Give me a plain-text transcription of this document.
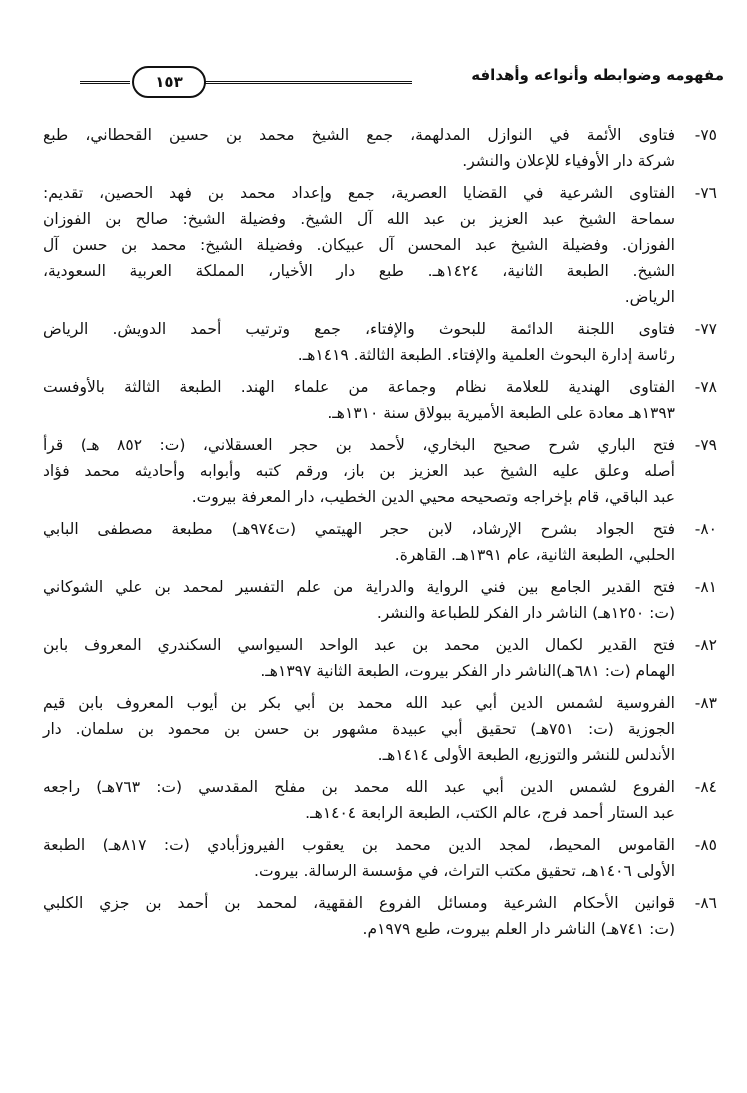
مفهومه وضوابطه وأنواعه وأهدافه
١٥٣
٧٥-
فتاوى الأئمة في النوازل المدلهمة، جمع الشيخ محمد بن حسين القحطاني، طبع
شركة دار الأوفياء للإعلان والنشر.
٧٦-
الفتاوى الشرعية في القضايا العصرية، جمع وإعداد محمد بن فهد الحصين، تقديم:
سماحة الشيخ عبد العزيز بن عبد الله آل الشيخ. وفضيلة الشيخ: صالح بن الفوزان
الفوزان. وفضيلة الشيخ عبد المحسن آل عبيكان. وفضيلة الشيخ: محمد بن حسن آل
الشيخ. الطبعة الثانية، ١٤٢٤هـ. طبع دار الأخيار، المملكة العربية السعودية،
الرياض.
٧٧-
فتاوى اللجنة الدائمة للبحوث والإفتاء، جمع وترتيب أحمد الدويش. الرياض
رئاسة إدارة البحوث العلمية والإفتاء. الطبعة الثالثة. ١٤١٩هـ.
٧٨-
الفتاوى الهندية للعلامة نظام وجماعة من علماء الهند. الطبعة الثالثة بالأوفست
١٣٩٣هـ معادة على الطبعة الأميرية ببولاق سنة ١٣١٠هـ.
٧٩-
فتح الباري شرح صحيح البخاري، لأحمد بن حجر العسقلاني، (ت: ٨٥٢ هـ) قرأ
أصله وعلق عليه الشيخ عبد العزيز بن باز، ورقم كتبه وأبوابه وأحاديثه محمد فؤاد
عبد الباقي، قام بإخراجه وتصحيحه محيي الدين الخطيب، دار المعرفة بيروت.
٨٠-
فتح الجواد بشرح الإرشاد، لابن حجر الهيتمي (ت٩٧٤هـ) مطبعة مصطفى البابي
الحلبي، الطبعة الثانية، عام ١٣٩١هـ. القاهرة.
٨١-
فتح القدير الجامع بين فني الرواية والدراية من علم التفسير لمحمد بن علي الشوكاني
(ت: ١٢٥٠هـ) الناشر دار الفكر للطباعة والنشر.
٨٢-
فتح القدير لكمال الدين محمد بن عبد الواحد السيواسي السكندري المعروف بابن
الهمام (ت: ٦٨١هـ)الناشر دار الفكر بيروت، الطبعة الثانية ١٣٩٧هـ.
٨٣-
الفروسية لشمس الدين أبي عبد الله محمد بن أبي بكر بن أيوب المعروف بابن قيم
الجوزية (ت: ٧٥١هـ) تحقيق أبي عبيدة مشهور بن حسن بن محمود بن سلمان. دار
الأندلس للنشر والتوزيع، الطبعة الأولى ١٤١٤هـ.
٨٤-
الفروع لشمس الدين أبي عبد الله محمد بن مفلح المقدسي (ت: ٧٦٣هـ) راجعه
عبد الستار أحمد فرج، عالم الكتب، الطبعة الرابعة ١٤٠٤هـ.
٨٥-
القاموس المحيط، لمجد الدين محمد بن يعقوب الفيروزأبادي (ت: ٨١٧هـ) الطبعة
الأولى ١٤٠٦هـ، تحقيق مكتب التراث، في مؤسسة الرسالة. بيروت.
٨٦-
قوانين الأحكام الشرعية ومسائل الفروع الفقهية، لمحمد بن أحمد بن جزي الكلبي
(ت: ٧٤١هـ) الناشر دار العلم بيروت، طبع ١٩٧٩م.
